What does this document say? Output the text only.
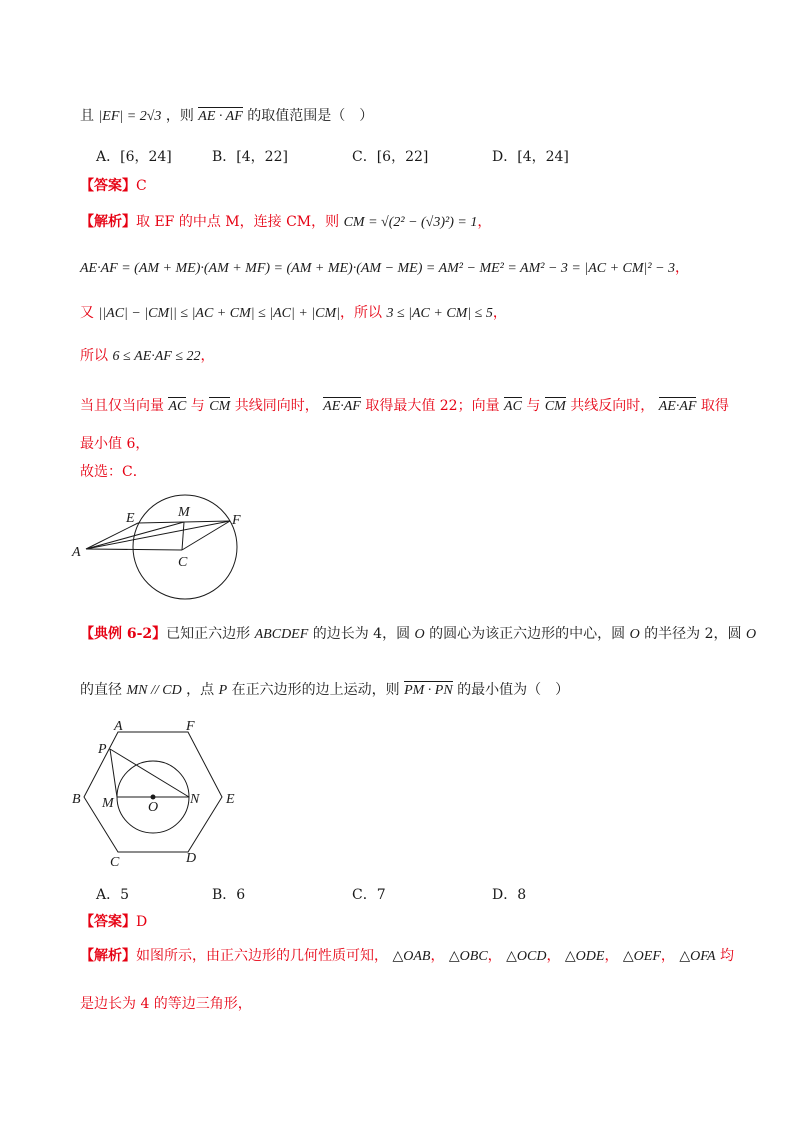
且 |EF| = 2√3 ，则 AE · AF 的取值范围是（　）
A．[6，24]	B．[4，22]	C．[6，22]	D．[4，24]
【答案】C
【解析】取 EF 的中点 M，连接 CM，则 CM = √(2² − (√3)²) = 1，
AE·AF = (AM + ME)·(AM + MF) = (AM + ME)·(AM − ME) = AM² − ME² = AM² − 3 = |AC + CM|² − 3，
又 ||AC| − |CM|| ≤ |AC + CM| ≤ |AC| + |CM|，所以 3 ≤ |AC + CM| ≤ 5，
所以 6 ≤ AE·AF ≤ 22，
当且仅当向量 AC 与 CM 共线同向时， AE·AF 取得最大值 22；向量 AC 与 CM 共线反向时， AE·AF 取得
最小值 6，
故选：C．
E	M
F
A
C
【典例 6-2】已知正六边形 ABCDEF 的边长为 4，圆 O 的圆心为该正六边形的中心，圆 O 的半径为 2，圆 O
的直径 MN // CD ，点 P 在正六边形的边上运动，则 PM · PN 的最小值为（　）
A	F
P
B M O
N E
C	D
A．5	B．6	C．7	D．8
【答案】D
【解析】如图所示，由正六边形的几何性质可知， △OAB， △OBC， △OCD， △ODE， △OEF， △OFA 均
是边长为 4 的等边三角形，
